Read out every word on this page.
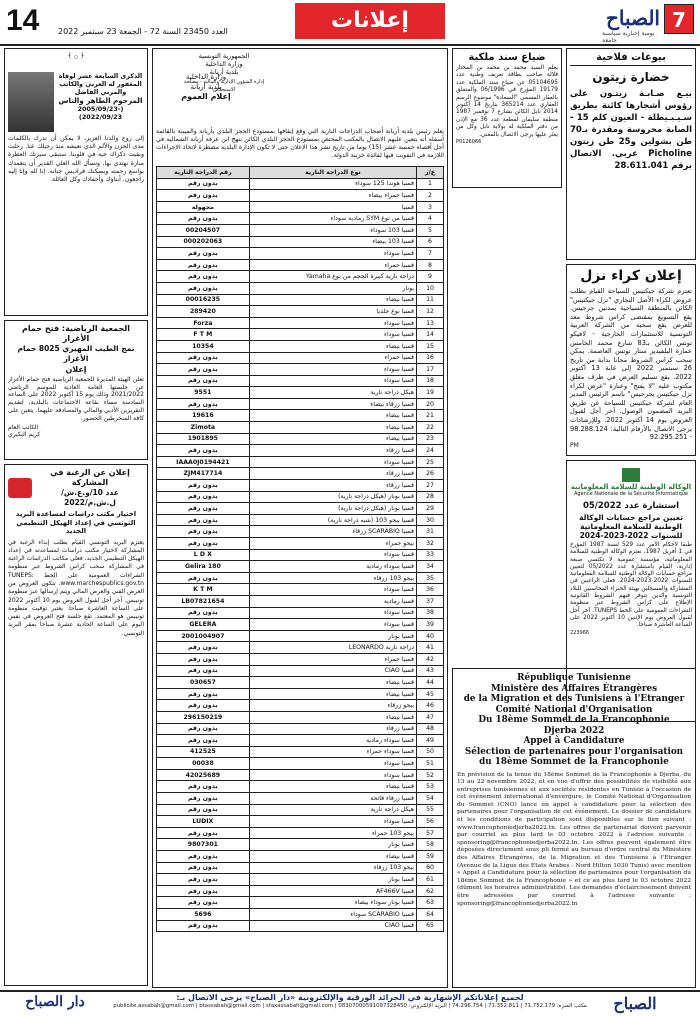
14 العدد 23450 السنة 72 - الجمعة 23 سبتمبر 2022	إعلانات	7
الصباح
يومية إخبارية سياسية جامعة
بيوعات فلاحية
خضارة زيتون
بيـع صـابـة زيتـون على رؤوس أشجارها كائنة بطريق سـيـبـيطلة - العيون كلم 15 - الصابة محروسة ومقدرة بـ70 طن بشولين و25 طن زيتون Picholine عربي. الاتصال برقم 28.611.041
إعلان كراء نزل
تعتزم شركة جيكتيس للسياحة القيام بطلب عروض لكراء الأصل التجاري "نزل جيكتيس" الكائن بالمنطقة السياحية بمدنين جرجيس. يقع التسويغ بمقتضى كراس شروط معد للغرض يقع سحبه من الشركة العربية التونسية للاستثمارات الخارجية - لافيكو تونس الكائن بـ83 شارع محمد الخامس عمارة البلفيدير ستار تونس العاصمة. يمكن سحب كراس الشروط مجانا بداية من تاريخ 26 سبتمبر 2022 إلى غاية 13 أكتوبر 2022. يقع تسليم العرض في ظرف مغلق مكتوب عليه "لا يفتح" وعبارة "عرض لكراء نزل جيكتيس بجرجيس" باسم الرئيس المدير العام لشركة جيكتيس للسياحة عن طريق البريد المضمون الوصول. آخر أجل لقبول العروض يوم 14 أكتوبر 2022. وللإرشادات يرجى الاتصال بالأرقام التالية: 98.288.124 - 92.295.251
PM
الوكالة الوطنية للسلامة المعلوماتية
Agence Nationale de la Sécurité Informatique
استشارة عدد 05/2022
تعيين مراجع حسابات الوكالة الوطنية للسلامة المعلوماتية للسنوات 2022-2023-2024
طبقا لأحكام الأمر عدد 529 لسنة 1987 المؤرخ في 1 أفريل 1987، تعتزم الوكالة الوطنية للسلامة المعلوماتية، مؤسسة عمومية لا تكتسي صبغة إدارية، القيام باستشارة عدد 05/2022 لتعيين مراجع حسابات الوكالة الوطنية للسلامة المعلوماتية للسنوات 2022-2023-2024. فعلى الراغبين في المشاركة والمسجلين بهيئة الخبراء المحاسبين للبلاد التونسية والذين تتوفر فيهم الشروط القانونية الإطلاع على كراس الشروط عبر منظومة الشراءات العمومية على الخط TUNEPS. آخر أجل لقبول العروض يوم الإثنين 10 أكتوبر 2022 على الساعة العاشرة صباحا.
223966
République Tunisienne
Ministère des Affaires Étrangères
de la Migration et des Tunisiens à l'Etranger
Comité National d'Organisation
Du 18ème Sommet de la Francophonie
Djerba 2022
Appel à Candidature
Sélection de partenaires pour l'organisation
du 18ème Sommet de la Francophonie
En prévision de la tenue du 18ème Sommet de la Francophonie à Djerba, du 13 au 22 novembre 2022, et en vue d'offrir des possibilités de visibilité aux entreprises tunisiennes et aux sociétés résidentes en Tunisie à l'occasion de cet événement international d'envergure, le Comité National d'Organisation du Sommet (CNO) lance un appel à candidature pour la sélection des partenaires pour l'organisation de cet événement. Le dossier de candidature et les conditions de participation sont disponibles sur le lien suivant : www.francophoniedjerba2022.tn. Les offres de partenariat doivent parvenir par courriel au plus tard le 03 octobre 2022 à l'adresse suivante : sponsoring@francophoniedjerba2022.tn. Les offres peuvent également être déposées directement sous pli fermé au bureau d'ordre central du Ministère des Affaires Étrangères, de la Migration et des Tunisiens à l'Etranger (Avenue de la Ligue des Etats Arabes - Nord Hilton 1030 Tunis) avec mention « Appel à Candidature pour la sélection de partenaires pour l'organisation du 18ème Sommet de la Francophonie » et ce au plus tard le 03 octobre 2022 (dûment les horaires administratifs). Les demandes d'éclaircissement doivent être adressées par courriel à l'adresse suivante : sponsoring@francophoniedjerba2022.tn
ضياع سند ملكية
يعلم السيد محمد بن محمد بن المختار قلالة صاحب بطاقة تعريف وطنية عدد 05104695 عن ضياع سند الملكية عدد 19179 المؤرخ في 06/1996 والمتعلق بالعقار المسمى "السعادة" موضوع الرسم العقاري عدد 365214 بتاريخ 14 أكتوبر 2014 نابل الكائن بشارع 7 نوفمبر 1987 منطقة سليمان لقطعة عدد 36 مع الإذن من دفتر الملكية له بولاية نابل وكل من يعثر عليها يرجى الاتصال بالمعني.
P0126066
الجمهورية التونسية
وزارة الداخلية
بلدية أريانة
إدارة الشؤون الإدارية والمالية - مصلحة الاستخلاص
وزارة الداخلية
بلدية أريانة
إعلام العموم
يعلم رئيس بلدية أريانة أصحاب الدراجات النارية التي وقع إيقافها بمستودع الحجز البلدي بأريانة والمبينة بالقائمة أسفله أنه يتعين عليهم الاتصال بالمكتب المختص بمستودع الحجز البلدي الكائن بنهج ابن عرفة أريانة الشمالية في أجل أقصاه خمسة عشر (15) يوما من تاريخ نشر هذا الإعلان حتى لا تكون الإدارة البلدية مضطرة لاتخاذ الإجراءات اللازمة في التفويت فيها لفائدة خزينة الدولة.
ع/ر	نوع الدراجة النارية	رقم الدراجة النارية
1	قسيا هوندا 125 سوداء	بدون رقم
2	قسيا حمراء بيضاء	بدون رقم
3	قسيا	مجهولة
4	قسيا من نوع SYM رمادية سوداء	بدون رقم
5	قسيا 103 سوداء	00204507
6	قسيا 103 بيضاء	000202063
7	قسيا سوداء	بدون رقم
8	قسيا حمراء	بدون رقم
9	دراجة نارية كبيرة الحجم من نوع Yamaha	بدون رقم
10	بونار	بدون رقم
11	قسيا بيضاء	00016235
12	قسيا نوع جلديا	289420
13	قسيا سوداء	Forza
14	قسيا سوداء	F T M
15	قسيا بيضاء	10354
16	قسيا حمراء	بدون رقم
17	قسيا سوداء	بدون رقم
18	قسيا سوداء	بدون رقم
19	هيكل دراجة نارية	9551
20	قسيا زرقاء بيضاء	بدون رقم
21	قسيا بيضاء	19616
22	قسيا بيضاء	Zimota
23	قسيا بيضاء	1901895
24	قسيا زرقاء	بدون رقم
25	قسيا سوداء	IAAA0J0194421
26	قسيا زرقاء	ZJM417714
27	قسيا زرقاء	بدون رقم
28	قسيا بونار (هيكل دراجة نارية)	بدون رقم
29	قسيا بونار (هيكل دراجة نارية)	بدون رقم
30	قسيا بيجو 103 (شبه دراجة نارية)	بدون رقم
31	قسيا SCARABIO زرقاء	بدون رقم
32	بيجو حمراء	بدون رقم
33	قسيا سوداء	L D X
34	قسيا سوداء رمادية	Gelira 180
35	بيجو 103 زرقاء	بدون رقم
36	قسيا سوداء	K T M
37	قسيا رمادية	LB07821654
38	قسيا سوداء	بدون رقم
39	قسيا سوداء	GELERA
40	قسيا بونار	2001004907
41	دراجة نارية LEONARDO	بدون رقم
42	قسيا حمراء	بدون رقم
43	قسيا CIAO	بدون رقم
44	قسيا بيضاء	030657
45	قسيا بيضاء	بدون رقم
46	بيجو زرقاء	بدون رقم
47	قسيا بيضاء	296150219
48	قسيا زرقاء	بدون رقم
49	قسيا سوداء رمادية	بدون رقم
50	قسيا سوداء حمراء	412525
51	قسيا سوداء	00038
52	قسيا سوداء	42025689
53	قسيا بيضاء	بدون رقم
54	قسيا زرقاء فاتحة	بدون رقم
55	هيكل دراجة نارية	بدون رقم
56	قسيا سوداء	LUDIX
57	بيجو 103 حمراء	بدون رقم
58	قسيا بونار	9807301
59	قسيا بيضاء	بدون رقم
60	بيجو 103 زرقاء	بدون رقم
61	قسيا بونار	بدون رقم
62	قسيا AF466V	بدون رقم
63	قسيا بونار سوداء بيضاء	بدون رقم
64	قسيا SCARABIO سوداء	5696
65	قسيا CIAO	بدون رقم
﴿ ۞ ﴾
الذكرى السابعة عشر لوفاة المغفور له العربي والكاتب والمربي الفاضل
المرحوم الطاهر والناس
(2005/09/23-2022/09/23)
إلى روح والدنا العزيز، لا يمكن أن ندرك بالكلمات مدى الحزن والألم الذي نعيشه منذ رحيلك عنا. رحلت وبقيت ذكراك حية في قلوبنا، ستبقى سيرتك العطرة منارة نهتدي بها، ونسأل الله العلي القدير أن يتغمدك بواسع رحمته ويسكنك فراديس جنانه. إنا لله وإنا إليه راجعون. أبناؤك وأحفادك وكل العائلة.
الجمعية الرياضية: فتح حمام الأغزاز
نمج الطيب المهيري 8025 حمام الأغزاز
إعلان
تعلن الهيئة المديرة للجمعية الرياضية فتح حمام الأغزاز عن جلستها العامة العادية للموسم الرياضي 2021/2022 وذلك يوم 15 أكتوبر 2022 على الساعة السادسة مساء بقاعة الاجتماعات بالبلدية، لتقديم التقريرين الأدبي والمالي والمصادقة عليهما. يتعين على كافة المنخرطين الحضور.
الكاتب العام
كريم البكيري
إعلان عن الرغبة في المشاركة
عدد 10/و.ع.ش/ل.ش.م/2022
اختيار مكتب دراسات لمساعدة البريد التونسي في إعداد الهيكل التنظيمي الجديد
يعتزم البريد التونسي القيام بطلب إبداء الرغبة في المشاركة لاختيار مكتب دراسات لمساعدته في إعداد الهيكل التنظيمي الجديد. فعلى مكاتب الدراسات الراغبة في المشاركة سحب كراس الشروط عبر منظومة الشراءات العمومية على الخط TUNEPS: www.marchespublics.gov.tn. تتكون العروض من العرض الفني والعرض المالي ويتم إرسالها عبر منظومة تونيبس. آخر أجل لقبول العروض يوم 10 أكتوبر 2022 على الساعة العاشرة صباحا. يعتبر توقيت منظومة تونيبس هو المعتمد. تقع جلسة فتح العروض في نفس اليوم على الساعة الحادية عشرة صباحا بمقر البريد التونسي.
دار الصباح	لجميع إعلاناتكم الإشهارية في الجرائد الورقية والإلكترونية «دار الصباح» يرجى الاتصال بـ:
مكتب المنزه: 71.752.179 | 71.352.811 | 74.296.754 | البريد الإلكتروني: publicite.assabah@gmail.com | btassabah@gmail.com | sfaxassabah@gmail.com | 08307000591097328450	الصباح
